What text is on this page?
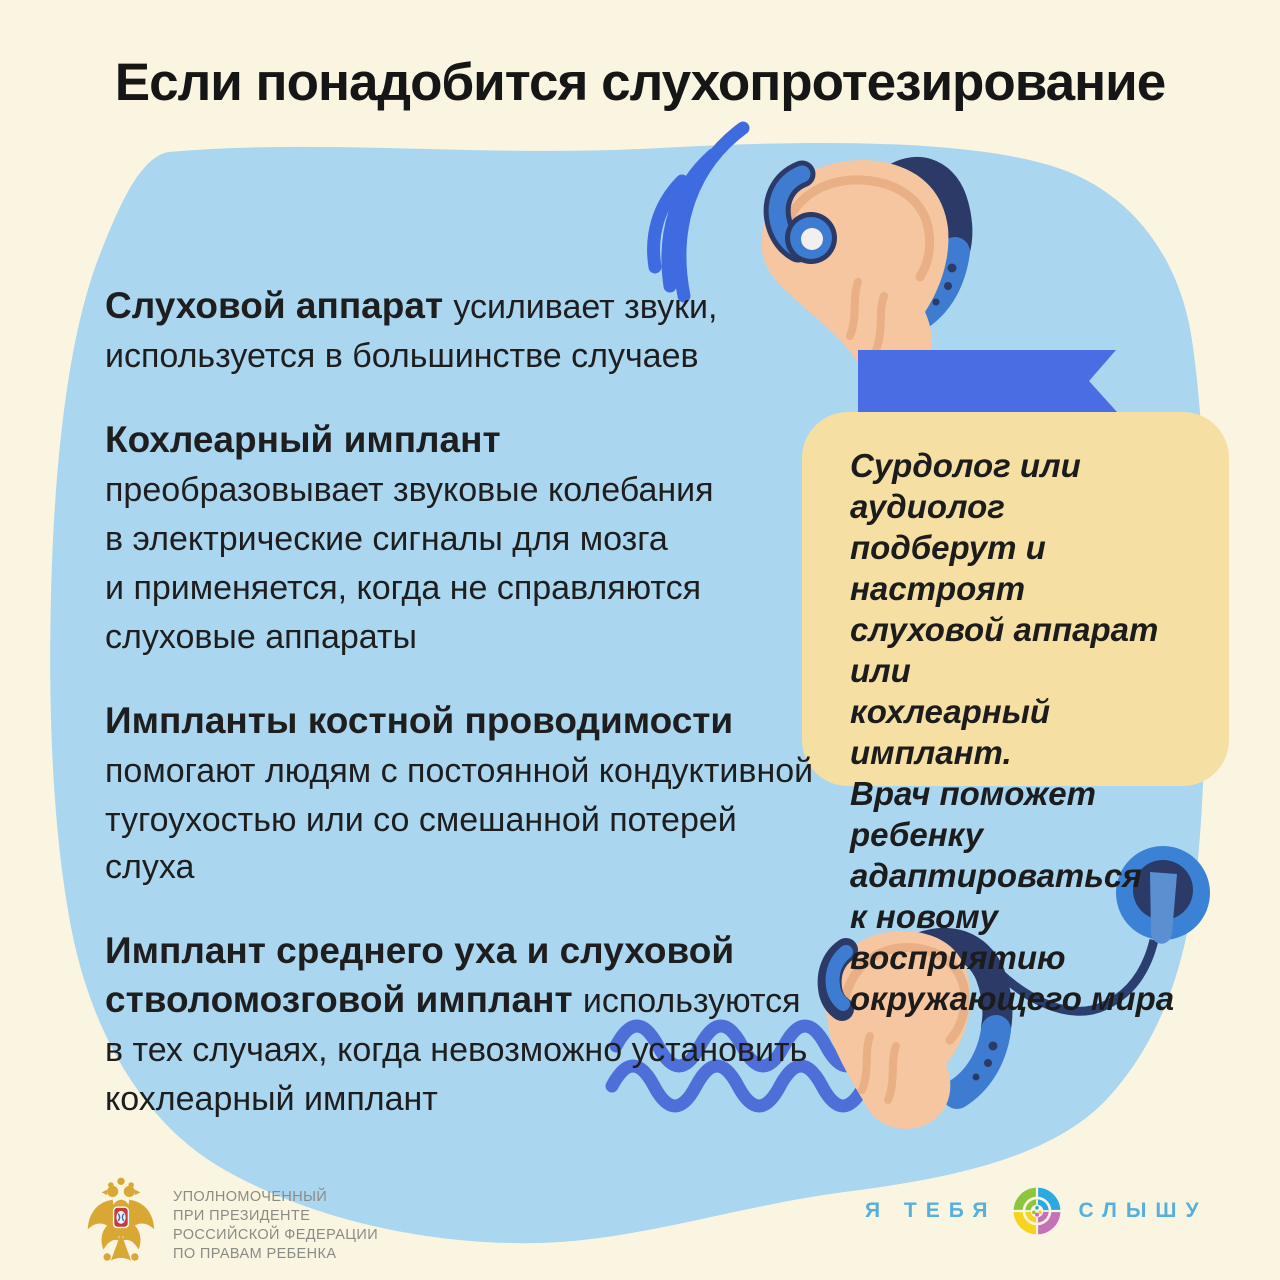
Если понадобится слухопротезирование

Слуховой аппарат усиливает звуки,
используется в большинстве случаев

Кохлеарный имплант
преобразовывает звуковые колебания
в электрические сигналы для мозга
и применяется, когда не справляются
слуховые аппараты

Импланты костной проводимости
помогают людям с постоянной кондуктивной
тугоухостью или со смешанной потерей слуха

Имплант среднего уха и слуховой
стволомозговой имплант используются
в тех случаях, когда невозможно установить
кохлеарный имплант

Сурдолог или аудиолог
подберут и настроят
слуховой аппарат или
кохлеарный имплант.
Врач поможет ребенку
адаптироваться
к новому восприятию
окружающего мира
УПОЛНОМОЧЕННЫЙ
ПРИ ПРЕЗИДЕНТЕ
РОССИЙСКОЙ ФЕДЕРАЦИИ
ПО ПРАВАМ РЕБЕНКА
Я ТЕБЯ	СЛЫШУ
